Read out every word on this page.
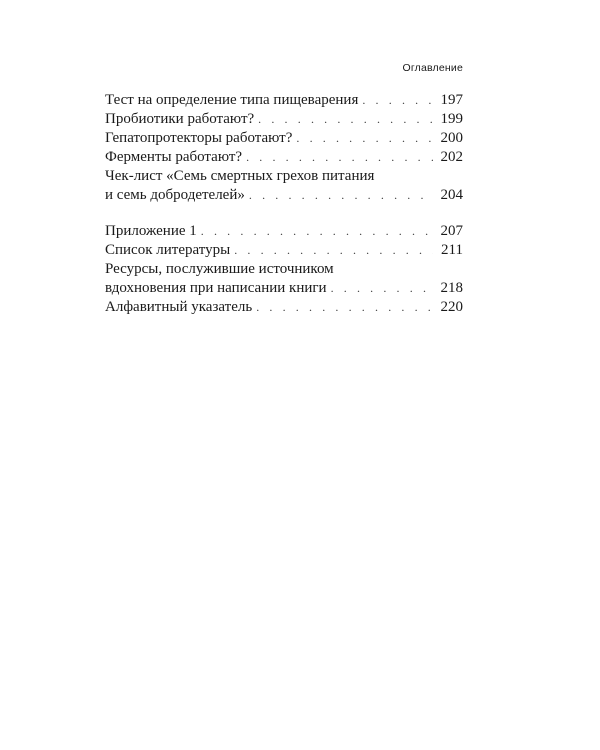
Оглавление
Тест на определение типа пищеварения . . .	197
Пробиотики работают? . . .	199
Гепатопротекторы работают? . . .	200
Ферменты работают? . . .	202
Чек-лист «Семь смертных грехов питания
и семь добродетелей» . . .	204
Приложение 1 . . .	207
Список литературы . . .	211
Ресурсы, послужившие источником
вдохновения при написании книги . . .	218
Алфавитный указатель . . .	220
